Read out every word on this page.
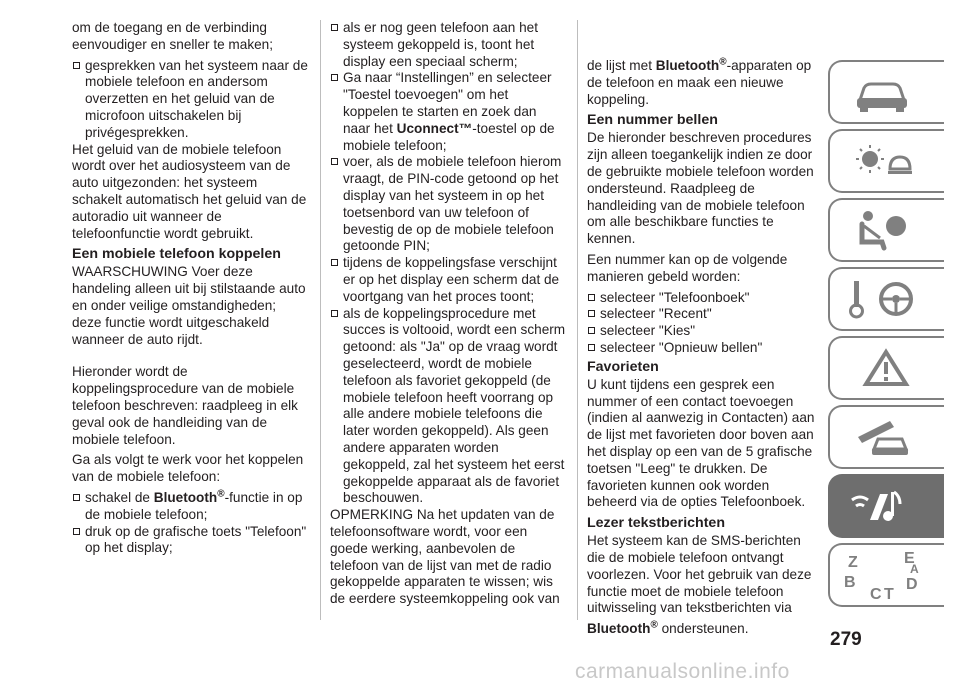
om de toegang en de verbinding eenvoudiger en sneller te maken;

gesprekken van het systeem naar de mobiele telefoon en andersom overzetten en het geluid van de microfoon uitschakelen bij privégesprekken.

Het geluid van de mobiele telefoon wordt over het audiosysteem van de auto uitgezonden: het systeem schakelt automatisch het geluid van de autoradio uit wanneer de telefoonfunctie wordt gebruikt.

Een mobiele telefoon koppelen

WAARSCHUWING Voer deze handeling alleen uit bij stilstaande auto en onder veilige omstandigheden; deze functie wordt uitgeschakeld wanneer de auto rijdt.

Hieronder wordt de koppelingsprocedure van de mobiele telefoon beschreven: raadpleeg in elk geval ook de handleiding van de mobiele telefoon.

Ga als volgt te werk voor het koppelen van de mobiele telefoon:

schakel de Bluetooth®-functie in op de mobiele telefoon;
druk op de grafische toets "Telefoon" op het display;
als er nog geen telefoon aan het systeem gekoppeld is, toont het display een speciaal scherm;
Ga naar “Instellingen” en selecteer "Toestel toevoegen" om het koppelen te starten en zoek dan naar het Uconnect™-toestel op de mobiele telefoon;
voer, als de mobiele telefoon hierom vraagt, de PIN-code getoond op het display van het systeem in op het toetsenbord van uw telefoon of bevestig de op de mobiele telefoon getoonde PIN;
tijdens de koppelingsfase verschijnt er op het display een scherm dat de voortgang van het proces toont;
als de koppelingsprocedure met succes is voltooid, wordt een scherm getoond: als "Ja" op de vraag wordt geselecteerd, wordt de mobiele telefoon als favoriet gekoppeld (de mobiele telefoon heeft voorrang op alle andere mobiele telefoons die later worden gekoppeld). Als geen andere apparaten worden gekoppeld, zal het systeem het eerst gekoppelde apparaat als de favoriet beschouwen.

OPMERKING Na het updaten van de telefoonsoftware wordt, voor een goede werking, aanbevolen de telefoon van de lijst van met de radio gekoppelde apparaten te wissen; wis de eerdere systeemkoppeling ook van

de lijst met Bluetooth®-apparaten op de telefoon en maak een nieuwe koppeling.

Een nummer bellen

De hieronder beschreven procedures zijn alleen toegankelijk indien ze door de gebruikte mobiele telefoon worden ondersteund. Raadpleeg de handleiding van de mobiele telefoon om alle beschikbare functies te kennen.

Een nummer kan op de volgende manieren gebeld worden:

selecteer "Telefoonboek"
selecteer "Recent"
selecteer "Kies"
selecteer "Opnieuw bellen"
Favorieten

U kunt tijdens een gesprek een nummer of een contact toevoegen (indien al aanwezig in Contacten) aan de lijst met favorieten door boven aan het display op een van de 5 grafische toetsen "Leeg" te drukken. De favorieten kunnen ook worden beheerd via de opties Telefoonboek.

Lezer tekstberichten

Het systeem kan de SMS-berichten die de mobiele telefoon ontvangt voorlezen. Voor het gebruik van deze functie moet de mobiele telefoon uitwisseling van tekstberichten via

Bluetooth® ondersteunen.

Z	E
B
C T
D
A
279
carmanualsonline.info
